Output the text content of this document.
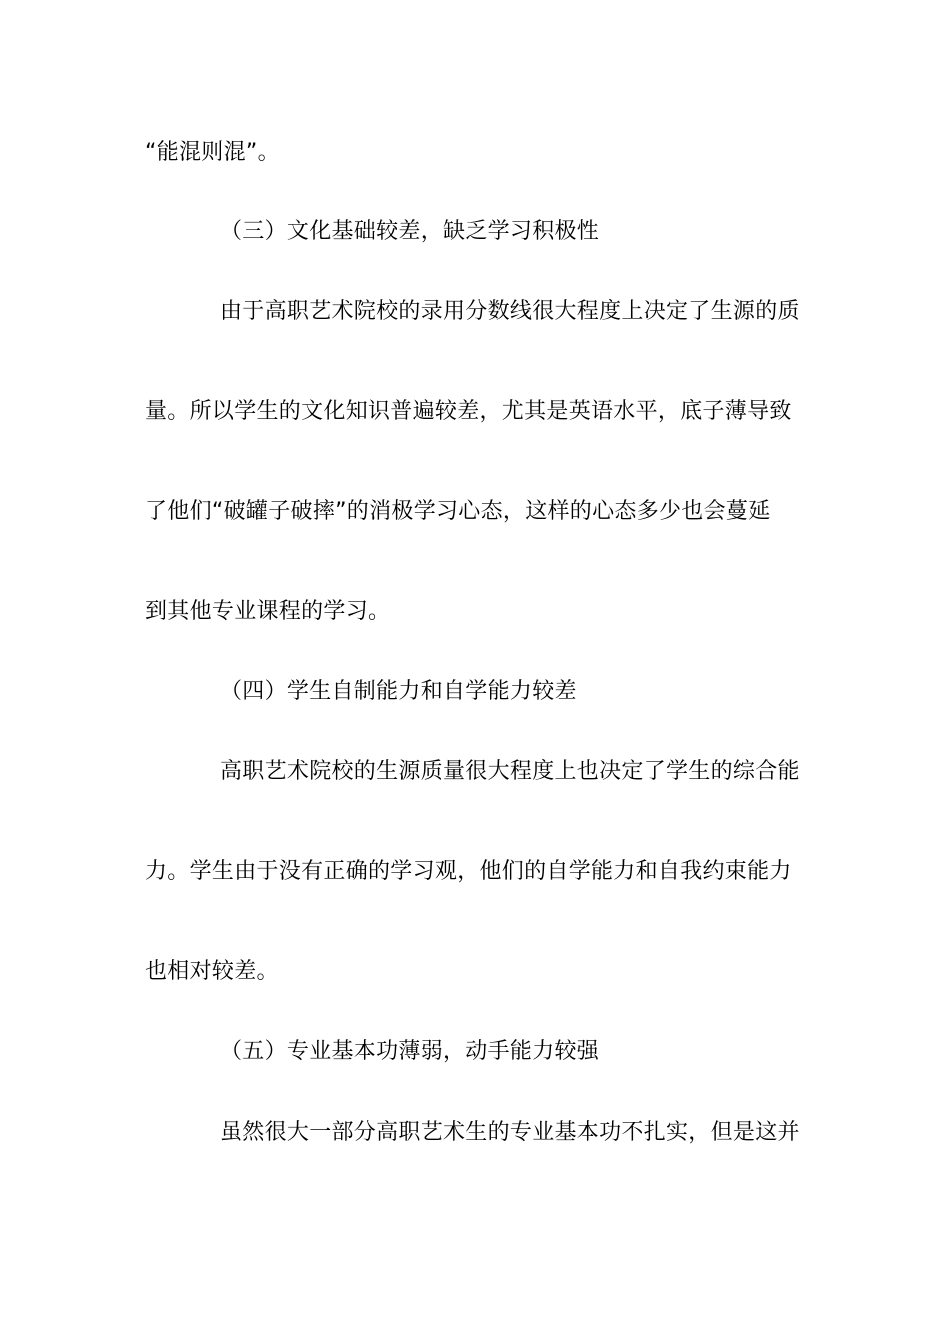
“能混则混”。
（三）文化基础较差，缺乏学习积极性
由于高职艺术院校的录用分数线很大程度上决定了生源的质
量。所以学生的文化知识普遍较差，尤其是英语水平，底子薄导致
了他们“破罐子破摔”的消极学习心态，这样的心态多少也会蔓延
到其他专业课程的学习。
（四）学生自制能力和自学能力较差
高职艺术院校的生源质量很大程度上也决定了学生的综合能
力。学生由于没有正确的学习观，他们的自学能力和自我约束能力
也相对较差。
（五）专业基本功薄弱，动手能力较强
虽然很大一部分高职艺术生的专业基本功不扎实，但是这并
